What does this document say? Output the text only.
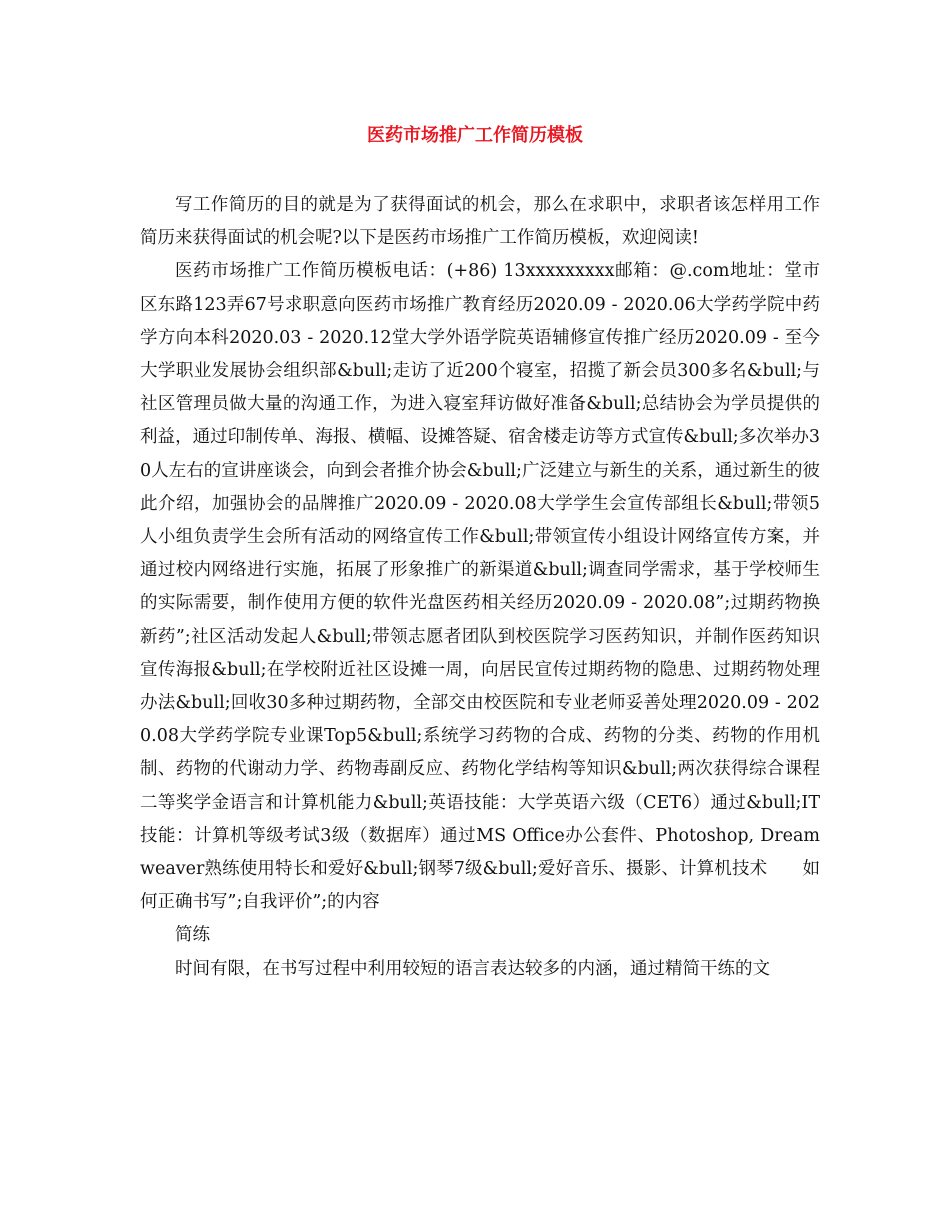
医药市场推广工作简历模板

写工作简历的目的就是为了获得面试的机会，那么在求职中，求职者该怎样用工作简历来获得面试的机会呢?以下是医药市场推广工作简历模板，欢迎阅读!

医药市场推广工作简历模板电话：(+86) 13xxxxxxxxx邮箱：@.com地址：堂市区东路123弄67号求职意向医药市场推广教育经历2020.09 - 2020.06大学药学院中药学方向本科2020.03 - 2020.12堂大学外语学院英语辅修宣传推广经历2020.09 - 至今大学职业发展协会组织部&bull;走访了近200个寝室，招揽了新会员300多名&bull;与社区管理员做大量的沟通工作，为进入寝室拜访做好准备&bull;总结协会为学员提供的利益，通过印制传单、海报、横幅、设摊答疑、宿舍楼走访等方式宣传&bull;多次举办30人左右的宣讲座谈会，向到会者推介协会&bull;广泛建立与新生的关系，通过新生的彼此介绍，加强协会的品牌推广2020.09 - 2020.08大学学生会宣传部组长&bull;带领5人小组负责学生会所有活动的网络宣传工作&bull;带领宣传小组设计网络宣传方案，并通过校内网络进行实施，拓展了形象推广的新渠道&bull;调查同学需求，基于学校师生的实际需要，制作使用方便的软件光盘医药相关经历2020.09 - 2020.08”;过期药物换新药”;社区活动发起人&bull;带领志愿者团队到校医院学习医药知识，并制作医药知识宣传海报&bull;在学校附近社区设摊一周，向居民宣传过期药物的隐患、过期药物处理办法&bull;回收30多种过期药物，全部交由校医院和专业老师妥善处理2020.09 - 2020.08大学药学院专业课Top5&bull;系统学习药物的合成、药物的分类、药物的作用机制、药物的代谢动力学、药物毒副反应、药物化学结构等知识&bull;两次获得综合课程二等奖学金语言和计算机能力&bull;英语技能：大学英语六级（CET6）通过&bull;IT技能：计算机等级考试3级（数据库）通过MS Office办公套件、Photoshop, Dreamweaver熟练使用特长和爱好&bull;钢琴7级&bull;爱好音乐、摄影、计算机技术　　如何正确书写”;自我评价”;的内容

简练

时间有限，在书写过程中利用较短的语言表达较多的内涵，通过精简干练的文
